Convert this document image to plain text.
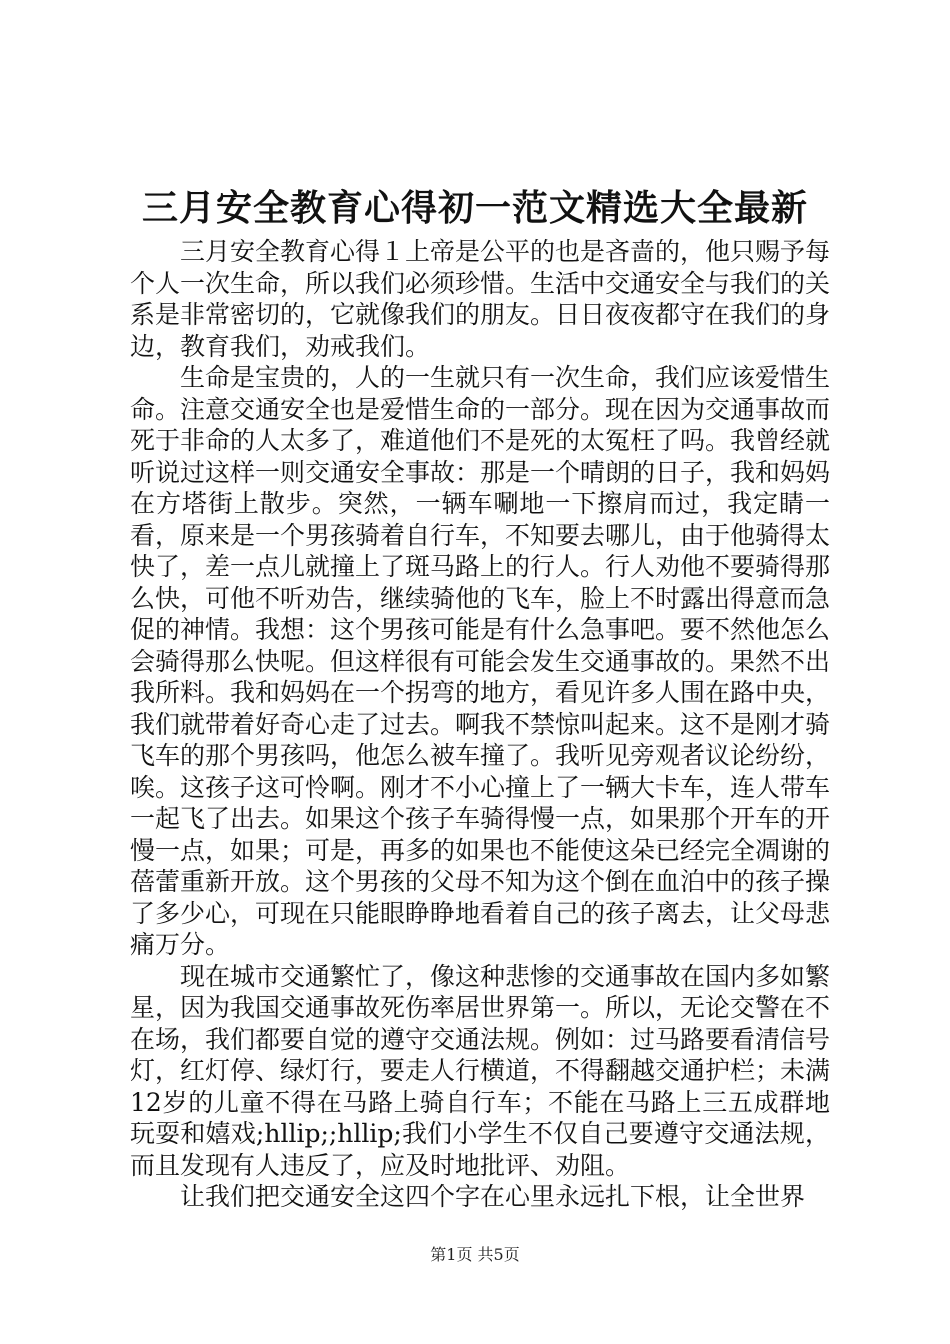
三月安全教育心得初一范文精选大全最新

三月安全教育心得１上帝是公平的也是吝啬的，他只赐予每个人一次生命，所以我们必须珍惜。生活中交通安全与我们的关系是非常密切的，它就像我们的朋友。日日夜夜都守在我们的身边，教育我们，劝戒我们。

生命是宝贵的，人的一生就只有一次生命，我们应该爱惜生命。注意交通安全也是爱惜生命的一部分。现在因为交通事故而死于非命的人太多了，难道他们不是死的太冤枉了吗。我曾经就听说过这样一则交通安全事故：那是一个晴朗的日子，我和妈妈在方塔街上散步。突然，一辆车唰地一下擦肩而过，我定睛一看，原来是一个男孩骑着自行车，不知要去哪儿，由于他骑得太快了，差一点儿就撞上了斑马路上的行人。行人劝他不要骑得那么快，可他不听劝告，继续骑他的飞车，脸上不时露出得意而急促的神情。我想：这个男孩可能是有什么急事吧。要不然他怎么会骑得那么快呢。但这样很有可能会发生交通事故的。果然不出我所料。我和妈妈在一个拐弯的地方，看见许多人围在路中央，我们就带着好奇心走了过去。啊我不禁惊叫起来。这不是刚才骑飞车的那个男孩吗，他怎么被车撞了。我听见旁观者议论纷纷，唉。这孩子这可怜啊。刚才不小心撞上了一辆大卡车，连人带车一起飞了出去。如果这个孩子车骑得慢一点，如果那个开车的开慢一点，如果；可是，再多的如果也不能使这朵已经完全凋谢的蓓蕾重新开放。这个男孩的父母不知为这个倒在血泊中的孩子操了多少心，可现在只能眼睁睁地看着自己的孩子离去，让父母悲痛万分。

现在城市交通繁忙了，像这种悲惨的交通事故在国内多如繁星，因为我国交通事故死伤率居世界第一。所以，无论交警在不在场，我们都要自觉的遵守交通法规。例如：过马路要看清信号灯，红灯停、绿灯行，要走人行横道，不得翻越交通护栏；未满12岁的儿童不得在马路上骑自行车；不能在马路上三五成群地玩耍和嬉戏;hllip;;hllip;我们小学生不仅自己要遵守交通法规，而且发现有人违反了，应及时地批评、劝阻。

让我们把交通安全这四个字在心里永远扎下根，让全世界

第1页 共5页
